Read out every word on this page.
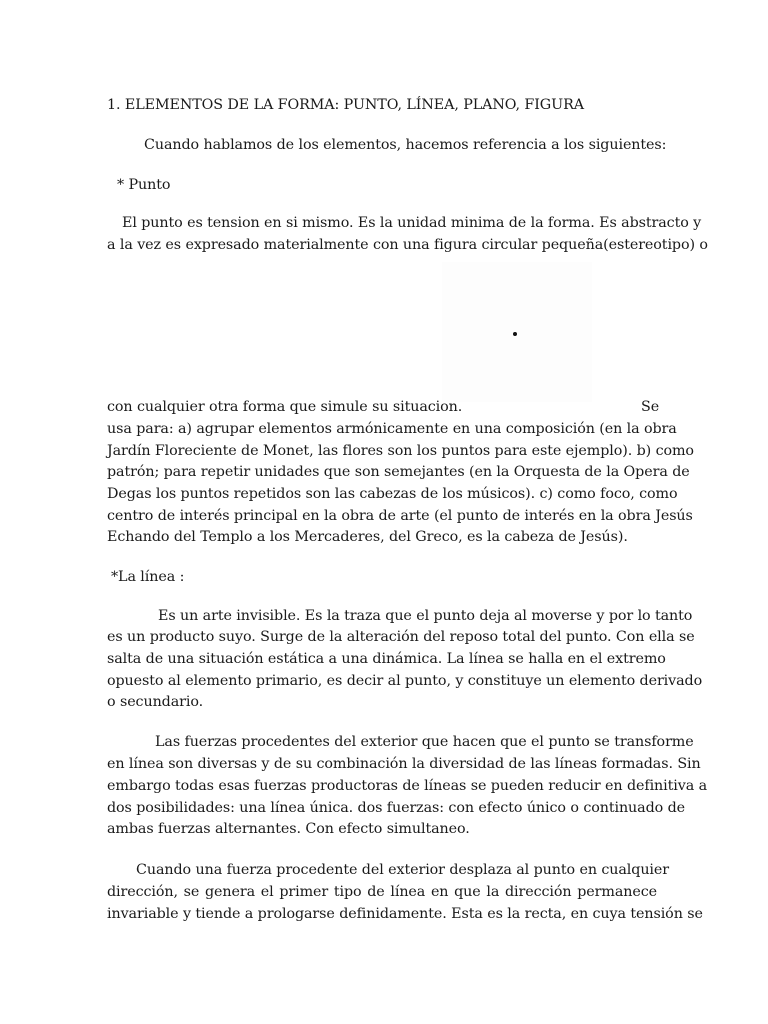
1. ELEMENTOS DE LA FORMA: PUNTO, LÍNEA, PLANO, FIGURA
Cuando hablamos de los elementos, hacemos referencia a los siguientes:
* Punto
El punto es tension en si mismo. Es la unidad minima de la forma. Es abstracto y
a la vez es expresado materialmente con una figura circular pequeña(estereotipo) o
con cualquier otra forma que simule su situacion.	Se
usa para: a) agrupar elementos armónicamente en una composición (en la obra
Jardín Floreciente de Monet, las flores son los puntos para este ejemplo). b) como
patrón; para repetir unidades que son semejantes (en la Orquesta de la Opera de
Degas los puntos repetidos son las cabezas de los músicos). c) como foco, como
centro de interés principal en la obra de arte (el punto de interés en la obra Jesús
Echando del Templo a los Mercaderes, del Greco, es la cabeza de Jesús).
*La línea :
Es un arte invisible. Es la traza que el punto deja al moverse y por lo tanto
es un producto suyo. Surge de la alteración del reposo total del punto. Con ella se
salta de una situación estática a una dinámica. La línea se halla en el extremo
opuesto al elemento primario, es decir al punto, y constituye un elemento derivado
o secundario.
Las fuerzas procedentes del exterior que hacen que el punto se transforme
en línea son diversas y de su combinación la diversidad de las líneas formadas. Sin
embargo todas esas fuerzas productoras de líneas se pueden reducir en definitiva a
dos posibilidades: una línea única. dos fuerzas: con efecto único o continuado de
ambas fuerzas alternantes. Con efecto simultaneo.
Cuando una fuerza procedente del exterior desplaza al punto en cualquier
dirección, se genera el primer tipo de línea en que la dirección permanece
invariable y tiende a prologarse definidamente. Esta es la recta, en cuya tensión se
